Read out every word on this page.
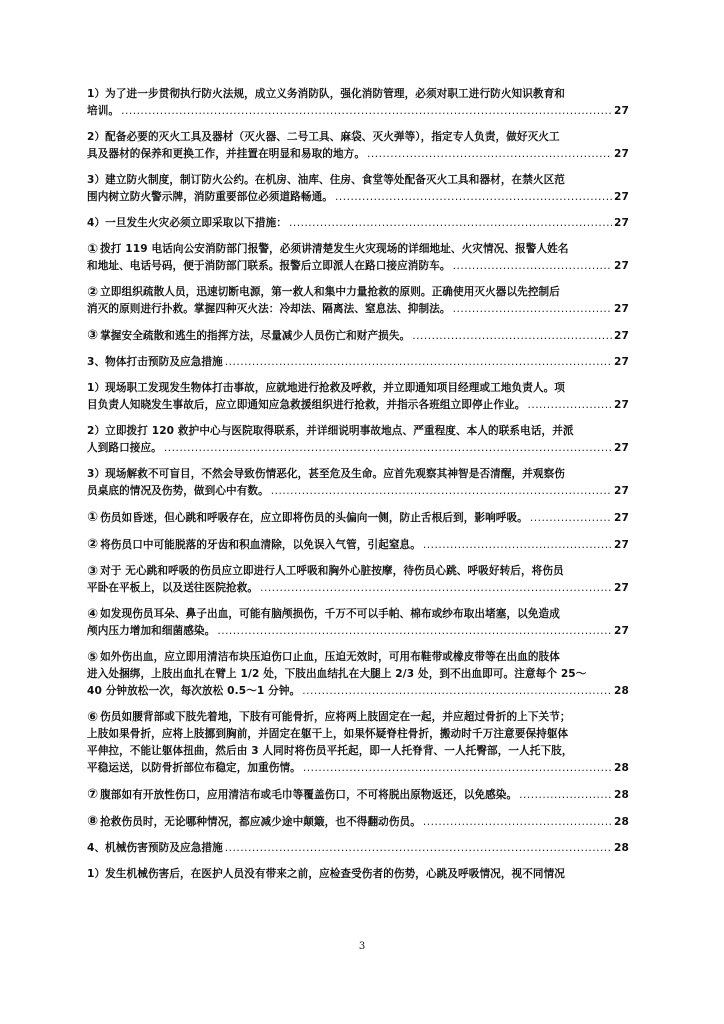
1）为了进一步贯彻执行防火法规，成立义务消防队，强化消防管理，必须对职工进行防火知识教育和
培训。 .....	27
2）配备必要的灭火工具及器材（灭火器、二号工具、麻袋、灭火弹等），指定专人负责，做好灭火工
具及器材的保养和更换工作，并挂置在明显和易取的地方。 .....	27
3）建立防火制度，制订防火公约。在机房、油库、住房、食堂等处配备灭火工具和器材，在禁火区范
围内树立防火警示牌，消防重要部位必须道路畅通。 .....	27
4）一旦发生火灾必须立即采取以下措施： .....	27
① 拨打 119 电话向公安消防部门报警，必须讲清楚发生火灾现场的详细地址、火灾情况、报警人姓名
和地址、电话号码，便于消防部门联系。报警后立即派人在路口接应消防车。 .....	27
② 立即组织疏散人员，迅速切断电源，第一救人和集中力量抢救的原则。正确使用灭火器以先控制后
消灭的原则进行扑救。掌握四种灭火法：冷却法、隔离法、窒息法、抑制法。 .....	27
③ 掌握安全疏散和逃生的指挥方法，尽量减少人员伤亡和财产损失。 .....	27
3、物体打击预防及应急措施 .....	27
1）现场职工发现发生物体打击事故，应就地进行抢救及呼救，并立即通知项目经理或工地负责人。项
目负责人知晓发生事故后，应立即通知应急救援组织进行抢救，并指示各班组立即停止作业。 .....	27
2）立即拨打 120 救护中心与医院取得联系，并详细说明事故地点、严重程度、本人的联系电话，并派
人到路口接应。 .....	27
3）现场解救不可盲目，不然会导致伤情恶化，甚至危及生命。应首先观察其神智是否清醒，并观察伤
员桌底的情况及伤势，做到心中有数。 .....	27
① 伤员如昏迷，但心跳和呼吸存在，应立即将伤员的头偏向一侧，防止舌根后到，影响呼吸。 .....	27
② 将伤员口中可能脱落的牙齿和积血清除，以免误入气管，引起窒息。 .....	27
③ 对于 无心跳和呼吸的伤员应立即进行人工呼吸和胸外心脏按摩，待伤员心跳、呼吸好转后，将伤员
平卧在平板上，以及送往医院抢救。 .....	27
④ 如发现伤员耳朵、鼻子出血，可能有脑颅损伤，千万不可以手帕、棉布或纱布取出堵塞，以免造成
颅内压力增加和细菌感染。 .....	27
⑤ 如外伤出血，应立即用清洁布块压迫伤口止血，压迫无效时，可用布鞋带或橡皮带等在出血的肢体
进入处捆绑，上肢出血扎在臂上 1/2 处，下肢出血结扎在大腿上 2/3 处，到不出血即可。注意每个 25～
40 分钟放松一次，每次放松 0.5～1 分钟。 .....	28
⑥ 伤员如腰背部或下肢先着地，下肢有可能骨折，应将两上肢固定在一起，并应超过骨折的上下关节；
上肢如果骨折，应将上肢挪到胸前，并固定在躯干上，如果怀疑脊柱骨折，搬动时千万注意要保持躯体
平伸拉，不能让躯体扭曲，然后由 3 人同时将伤员平托起，即一人托脊背、一人托臀部，一人托下肢，
平稳运送，以防骨折部位布稳定，加重伤情。 .....	28
⑦ 腹部如有开放性伤口，应用清洁布或毛巾等覆盖伤口，不可将脱出原物返还，以免感染。 .....	28
⑧ 抢救伤员时，无论哪种情况，都应减少途中颠簸，也不得翻动伤员。 .....	28
4、机械伤害预防及应急措施 .....	28
1）发生机械伤害后，在医护人员没有带来之前，应检查受伤者的伤势，心跳及呼吸情况，视不同情况
3
